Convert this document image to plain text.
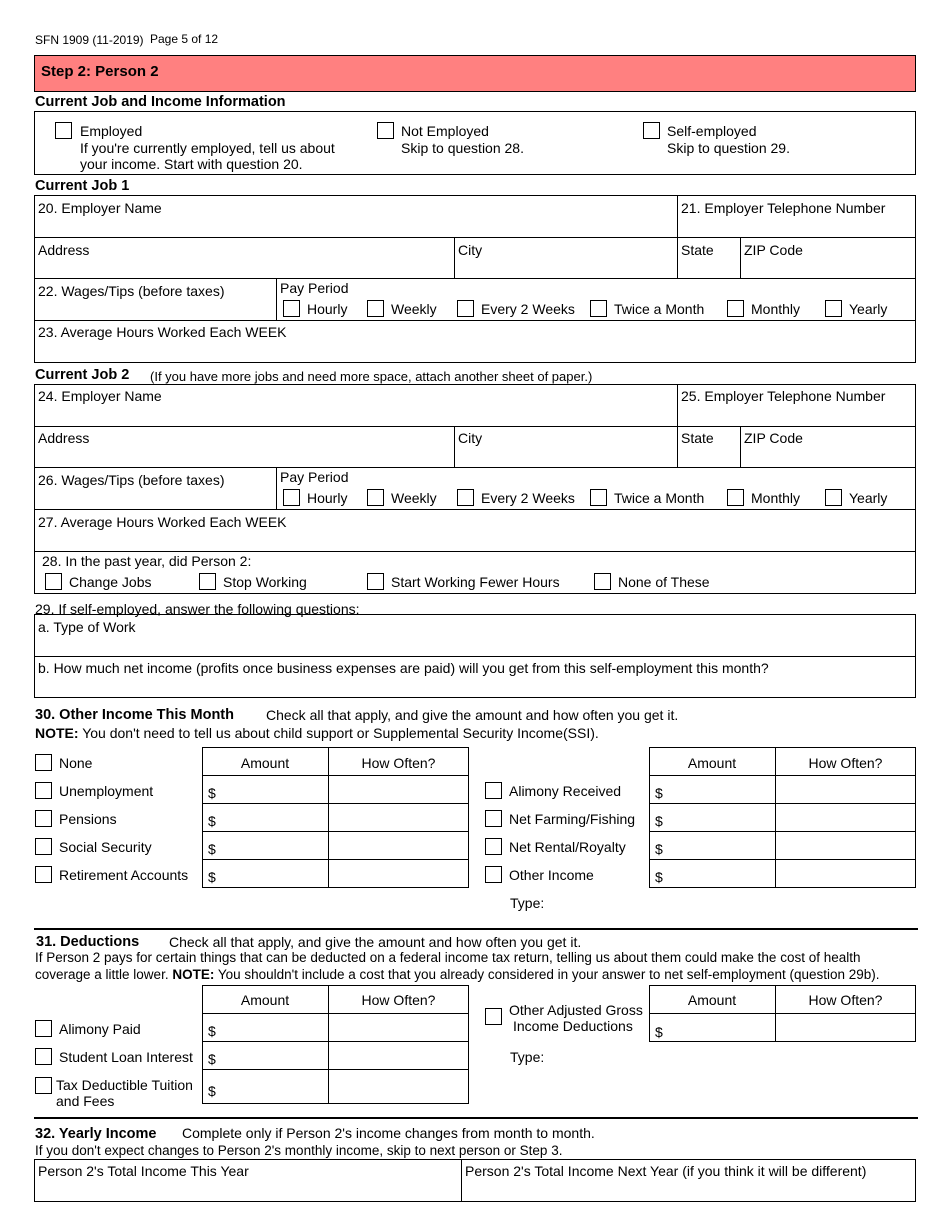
SFN 1909 (11-2019) Page 5 of 12
Step 2: Person 2
Current Job and Income Information
Employed
If you're currently employed, tell us about
your income. Start with question 20.
Not Employed
Skip to question 28.
Self-employed
Skip to question 29.
Current Job 1
20. Employer Name	21. Employer Telephone Number
Address	City	State ZIP Code
22. Wages/Tips (before taxes)	Pay Period
Hourly	Weekly	Every 2 Weeks	Twice a Month	Monthly	Yearly
23. Average Hours Worked Each WEEK
Current Job 2 (If you have more jobs and need more space, attach another sheet of paper.)
24. Employer Name	25. Employer Telephone Number
Address	City	State ZIP Code
26. Wages/Tips (before taxes)	Pay Period
Hourly	Weekly	Every 2 Weeks	Twice a Month	Monthly	Yearly
27. Average Hours Worked Each WEEK
28. In the past year, did Person 2:
Change Jobs	Stop Working	Start Working Fewer Hours	None of These
29. If self-employed, answer the following questions:
a. Type of Work
b. How much net income (profits once business expenses are paid) will you get from this self-employment this month?
30. Other Income This Month Check all that apply, and give the amount and how often you get it.
NOTE: You don't need to tell us about child support or Supplemental Security Income(SSI).
Amount	How Often?
None
Unemployment	$
Pensions	$
Social Security	$
Retirement Accounts $
Amount	How Often?
Alimony Received $
Net Farming/Fishing $
Net Rental/Royalty $
Other Income	$
Type:
31. Deductions Check all that apply, and give the amount and how often you get it.
If Person 2 pays for certain things that can be deducted on a federal income tax return, telling us about them could make the cost of health
coverage a little lower. NOTE: You shouldn't include a cost that you already considered in your answer to net self-employment (question 29b).
Amount	How Often?
Alimony Paid	$
Student Loan Interest $
Tax Deductible Tuition
and Fees
$
Other Adjusted Gross
Income Deductions
Amount	How Often?
$
Type:
32. Yearly Income Complete only if Person 2's income changes from month to month.
If you don't expect changes to Person 2's monthly income, skip to next person or Step 3.
Person 2's Total Income This Year	Person 2's Total Income Next Year (if you think it will be different)
